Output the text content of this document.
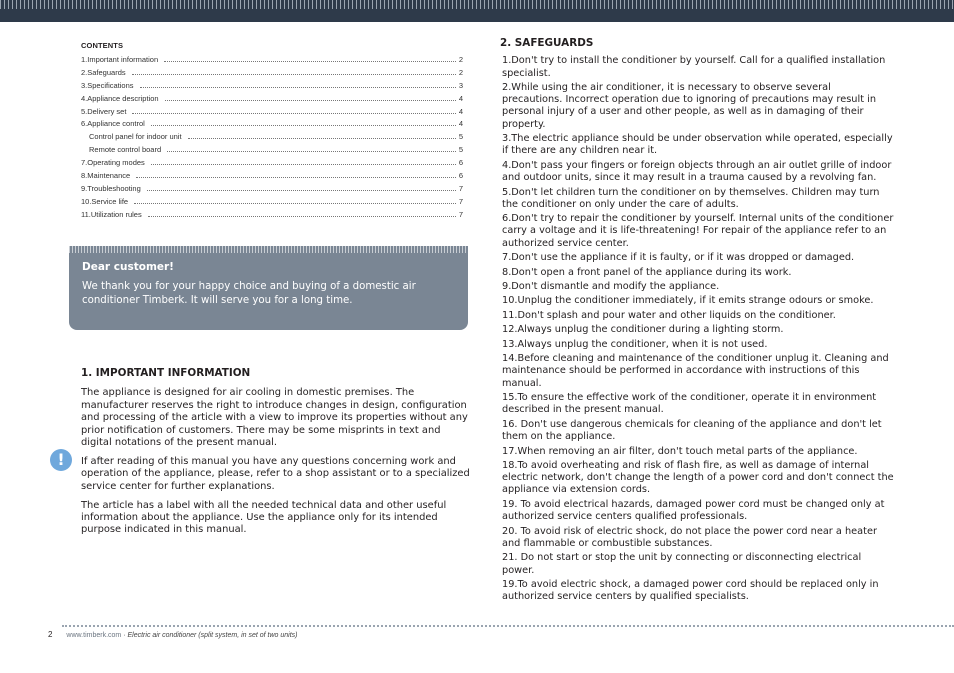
CONTENTS
1.Important information	2
2.Safeguards	2
3.Specifications	3
4.Appliance description	4
5.Delivery set	4
6.Appliance control	4
Control panel for indoor unit	5
Remote control board	5
7.Operating modes	6
8.Maintenance	6
9.Troubleshooting	7
10.Service life	7
11.Utilization rules	7
Dear customer!
We thank you for your happy choice and buying of a domestic air conditioner Timberk. It will serve you for a long time.
1. IMPORTANT INFORMATION

The appliance is designed for air cooling in domestic premises. The manufacturer reserves the right to introduce changes in design, configuration and processing of the article with a view to improve its properties without any prior notification of customers. There may be some misprints in text and digital notations of the present manual.

If after reading of this manual you have any questions concerning work and operation of the appliance, please, refer to a shop assistant or to a specialized service center for further explanations.

The article has a label with all the needed technical data and other useful information about the appliance. Use the appliance only for its intended purpose indicated in this manual.

!
2. SAFEGUARDS
1.Don't try to install the conditioner by yourself. Call for a qualified installation specialist.
2.While using the air conditioner, it is necessary to observe several precautions. Incorrect operation due to ignoring of precautions may result in personal injury of a user and other people, as well as in damaging of their property.
3.The electric appliance should be under observation while operated, especially if there are any children near it.
4.Don't pass your fingers or foreign objects through an air outlet grille of indoor and outdoor units, since it may result in a trauma caused by a revolving fan.
5.Don't let children turn the conditioner on by themselves. Children may turn the conditioner on only under the care of adults.
6.Don't try to repair the conditioner by yourself. Internal units of the conditioner carry a voltage and it is life-threatening! For repair of the appliance refer to an authorized service center.
7.Don't use the appliance if it is faulty, or if it was dropped or damaged.
8.Don't open a front panel of the appliance during its work.
9.Don't dismantle and modify the appliance.
10.Unplug the conditioner immediately, if it emits strange odours or smoke.
11.Don't splash and pour water and other liquids on the conditioner.
12.Always unplug the conditioner during a lighting storm.
13.Always unplug the conditioner, when it is not used.
14.Before cleaning and maintenance of the conditioner unplug it. Cleaning and maintenance should be performed in accordance with instructions of this manual.
15.To ensure the effective work of the conditioner, operate it in environment described in the present manual.
16. Don't use dangerous chemicals for cleaning of the appliance and don't let them on the appliance.
17.When removing an air filter, don't touch metal parts of the appliance.
18.To avoid overheating and risk of flash fire, as well as damage of internal electric network, don't change the length of a power cord and don't connect the appliance via extension cords.
19. To avoid electrical hazards, damaged power cord must be changed only at authorized service centers qualified professionals.
20. To avoid risk of electric shock, do not place the power cord near a heater and flammable or combustible substances.
21. Do not start or stop the unit by connecting or disconnecting electrical power.
19.To avoid electric shock, a damaged power cord should be replaced only in authorized service centers by qualified specialists.
2 www.timberk.com · Electric air conditioner (split system, in set of two units)
